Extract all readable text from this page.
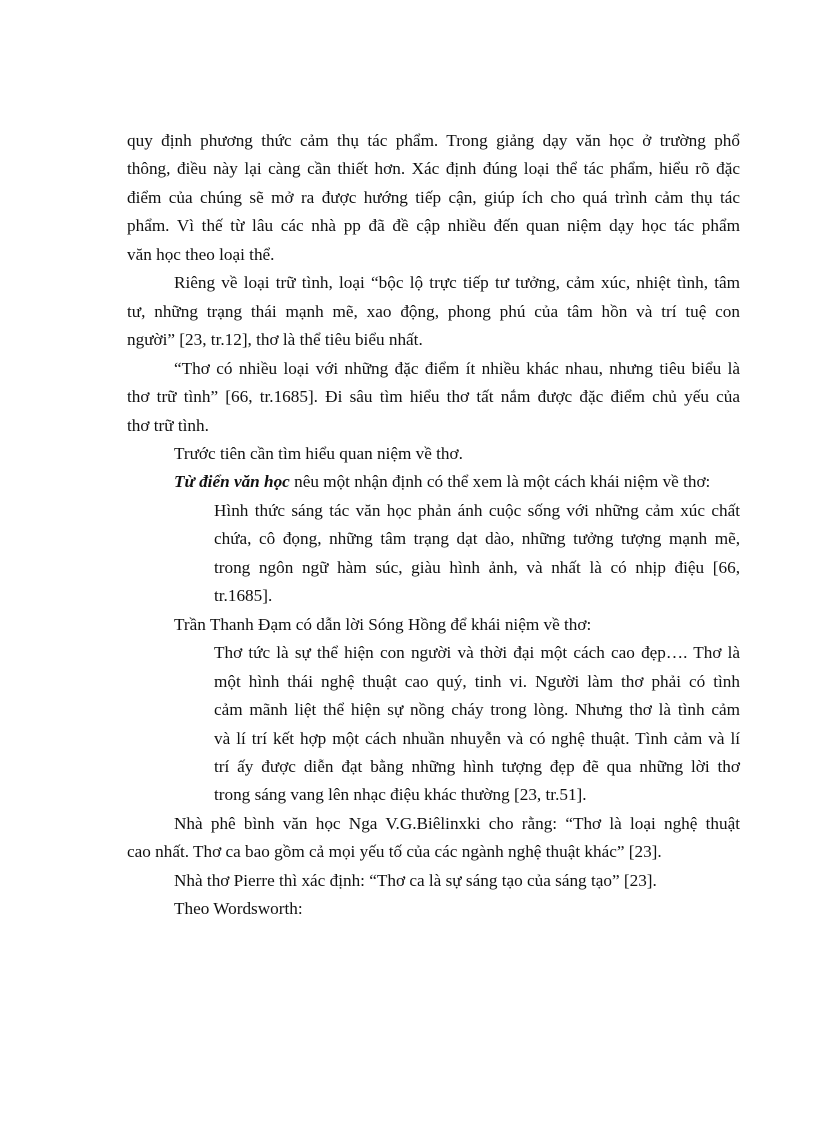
quy định phương thức cảm thụ tác phẩm. Trong giảng dạy văn học ở trường phổ
thông, điều này lại càng cần thiết hơn. Xác định đúng loại thể tác phẩm, hiểu rõ đặc
điểm của chúng sẽ mở ra được hướng tiếp cận, giúp ích cho quá trình cảm thụ tác
phẩm. Vì thế từ lâu các nhà pp đã đề cập nhiều đến quan niệm dạy học tác phẩm
văn học theo loại thể.
Riêng về loại trữ tình, loại “bộc lộ trực tiếp tư tưởng, cảm xúc, nhiệt tình, tâm
tư, những trạng thái mạnh mẽ, xao động, phong phú của tâm hồn và trí tuệ con
người” [23, tr.12], thơ là thể tiêu biểu nhất.
“Thơ có nhiều loại với những đặc điểm ít nhiều khác nhau, nhưng tiêu biểu là
thơ trữ tình” [66, tr.1685]. Đi sâu tìm hiểu thơ tất nắm được đặc điểm chủ yếu của
thơ trữ tình.
Trước tiên cần tìm hiểu quan niệm về thơ.
Từ điển văn học nêu một nhận định có thể xem là một cách khái niệm về thơ:
Hình thức sáng tác văn học phản ánh cuộc sống với những cảm xúc chất
chứa, cô đọng, những tâm trạng dạt dào, những tưởng tượng mạnh mẽ,
trong ngôn ngữ hàm súc, giàu hình ảnh, và nhất là có nhịp điệu [66,
tr.1685].
Trần Thanh Đạm có dẫn lời Sóng Hồng để khái niệm về thơ:
Thơ tức là sự thể hiện con người và thời đại một cách cao đẹp…. Thơ là
một hình thái nghệ thuật cao quý, tinh vi. Người làm thơ phải có tình
cảm mãnh liệt thể hiện sự nồng cháy trong lòng. Nhưng thơ là tình cảm
và lí trí kết hợp một cách nhuần nhuyễn và có nghệ thuật. Tình cảm và lí
trí ấy được diễn đạt bằng những hình tượng đẹp đẽ qua những lời thơ
trong sáng vang lên nhạc điệu khác thường [23, tr.51].
Nhà phê bình văn học Nga V.G.Biêlinxki cho rằng: “Thơ là loại nghệ thuật
cao nhất. Thơ ca bao gồm cả mọi yếu tố của các ngành nghệ thuật khác” [23].
Nhà thơ Pierre thì xác định: “Thơ ca là sự sáng tạo của sáng tạo” [23].
Theo Wordsworth:
